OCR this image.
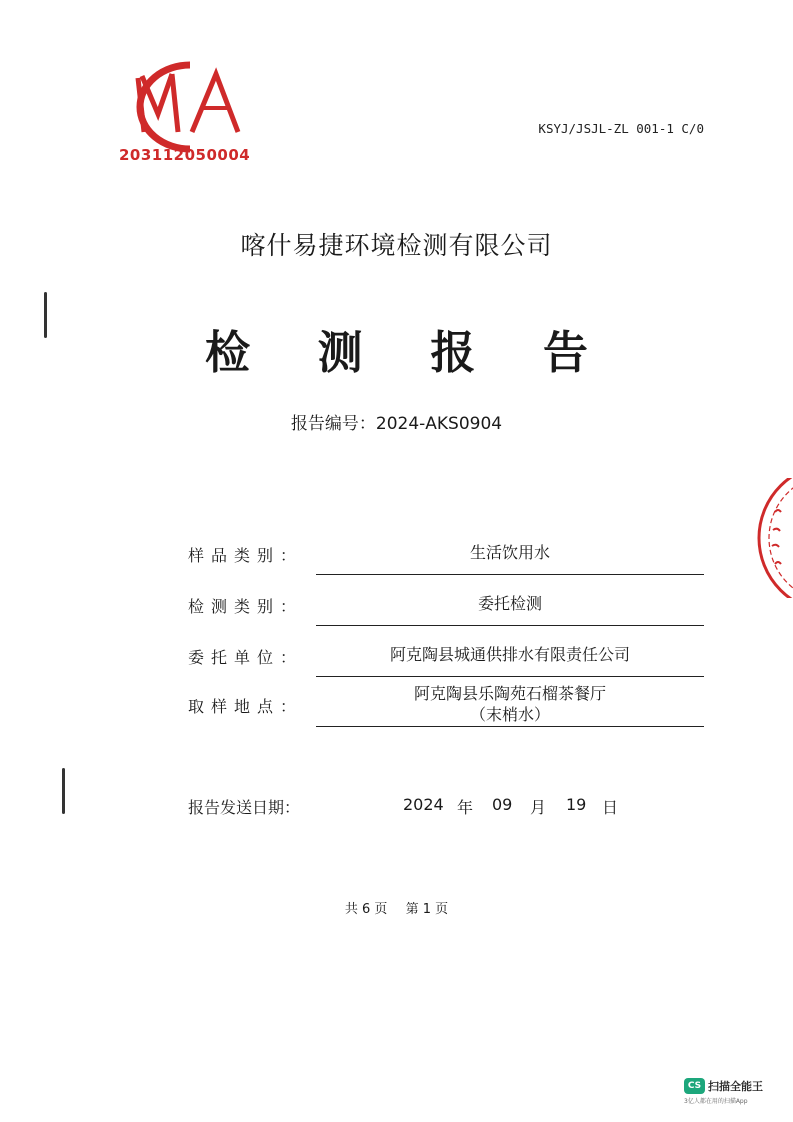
203112050004
KSYJ/JSJL-ZL 001-1 C/0
喀什易捷环境检测有限公司
检 测 报 告
报告编号：2024-AKS0904
样品类别：	生活饮用水
检测类别：	委托检测
委托单位：	阿克陶县城通供排水有限责任公司
取样地点：
阿克陶县乐陶苑石榴茶餐厅
（末梢水）
报告发送日期：	2024 年 09 月 19 日
共 6 页 第 1 页
CS 扫描全能王
3亿人都在用的扫描App
